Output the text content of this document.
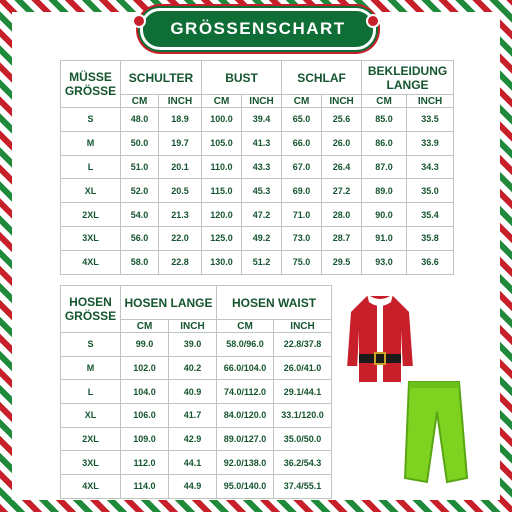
GRÖSSENSCHART
MÜSSE GRÖSSE	SCHULTER		BUST		SCHLAF		BEKLEIDUNG LANGE	
	CM	INCH	CM	INCH	CM	INCH	CM	INCH
S	48.0	18.9	100.0	39.4	65.0	25.6	85.0	33.5
M	50.0	19.7	105.0	41.3	66.0	26.0	86.0	33.9
L	51.0	20.1	110.0	43.3	67.0	26.4	87.0	34.3
XL	52.0	20.5	115.0	45.3	69.0	27.2	89.0	35.0
2XL	54.0	21.3	120.0	47.2	71.0	28.0	90.0	35.4
3XL	56.0	22.0	125.0	49.2	73.0	28.7	91.0	35.8
4XL	58.0	22.8	130.0	51.2	75.0	29.5	93.0	36.6
HOSEN GRÖSSE	HOSEN LANGE		HOSEN WAIST	
	CM	INCH	CM	INCH
S	99.0	39.0	58.0/96.0	22.8/37.8
M	102.0	40.2	66.0/104.0	26.0/41.0
L	104.0	40.9	74.0/112.0	29.1/44.1
XL	106.0	41.7	84.0/120.0	33.1/120.0
2XL	109.0	42.9	89.0/127.0	35.0/50.0
3XL	112.0	44.1	92.0/138.0	36.2/54.3
4XL	114.0	44.9	95.0/140.0	37.4/55.1
